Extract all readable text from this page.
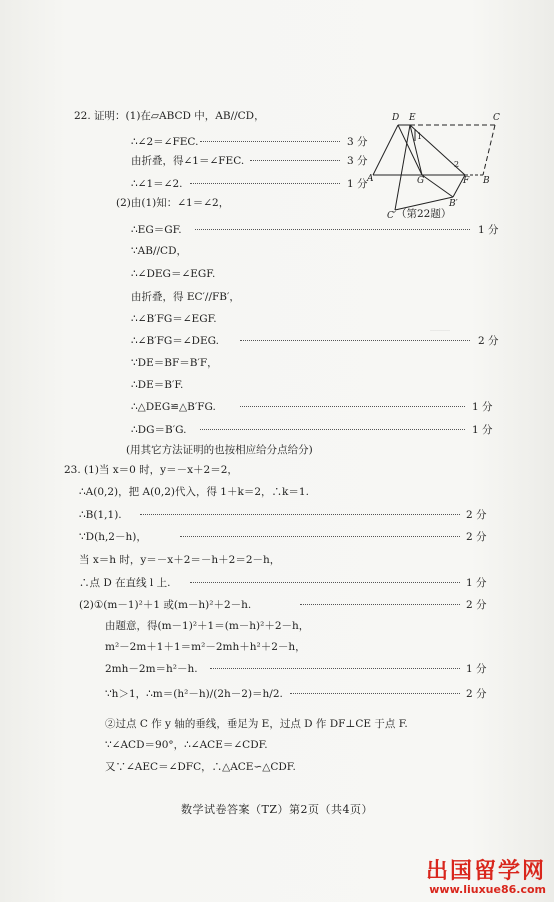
________
____
D E	C
1
2
A	G	F B
C′
B′
（第22题）
22. 证明：(1)在▱ABCD 中，AB//CD，
∴∠2＝∠FEC.	3 分
由折叠，得∠1＝∠FEC.	3 分
∴∠1＝∠2.	1 分
(2)由(1)知：∠1＝∠2，
∴EG＝GF.	1 分
∵AB//CD，
∴∠DEG＝∠EGF.
由折叠，得 EC′//FB′，
∴∠B′FG＝∠EGF.
∴∠B′FG＝∠DEG.	2 分
∵DE＝BF＝B′F，
∴DE＝B′F.
∴△DEG≌△B′FG.	1 分
∴DG＝B′G.	1 分
(用其它方法证明的也按相应给分点给分)
23. (1)当 x＝0 时，y＝－x＋2＝2，
∴A(0,2)，把 A(0,2)代入，得 1＋k＝2，∴k＝1.
∴B(1,1).	2 分
∵D(h,2－h)，	2 分
当 x＝h 时，y＝－x＋2＝－h＋2＝2－h，
∴点 D 在直线 l 上.	1 分
(2)①(m－1)²＋1 或(m－h)²＋2－h.	2 分
由题意，得(m－1)²＋1＝(m－h)²＋2－h，
m²－2m＋1＋1＝m²－2mh＋h²＋2－h，
2mh－2m＝h²－h.	1 分
∵h＞1，∴m＝(h²－h)/(2h－2)＝h/2.	2 分
②过点 C 作 y 轴的垂线，垂足为 E，过点 D 作 DF⊥CE 于点 F.
∵∠ACD＝90°，∴∠ACE＝∠CDF.
又∵∠AEC＝∠DFC，∴△ACE∽△CDF.
数学试卷答案（TZ）第2页（共4页）
出国留学网
www.liuxue86.com
